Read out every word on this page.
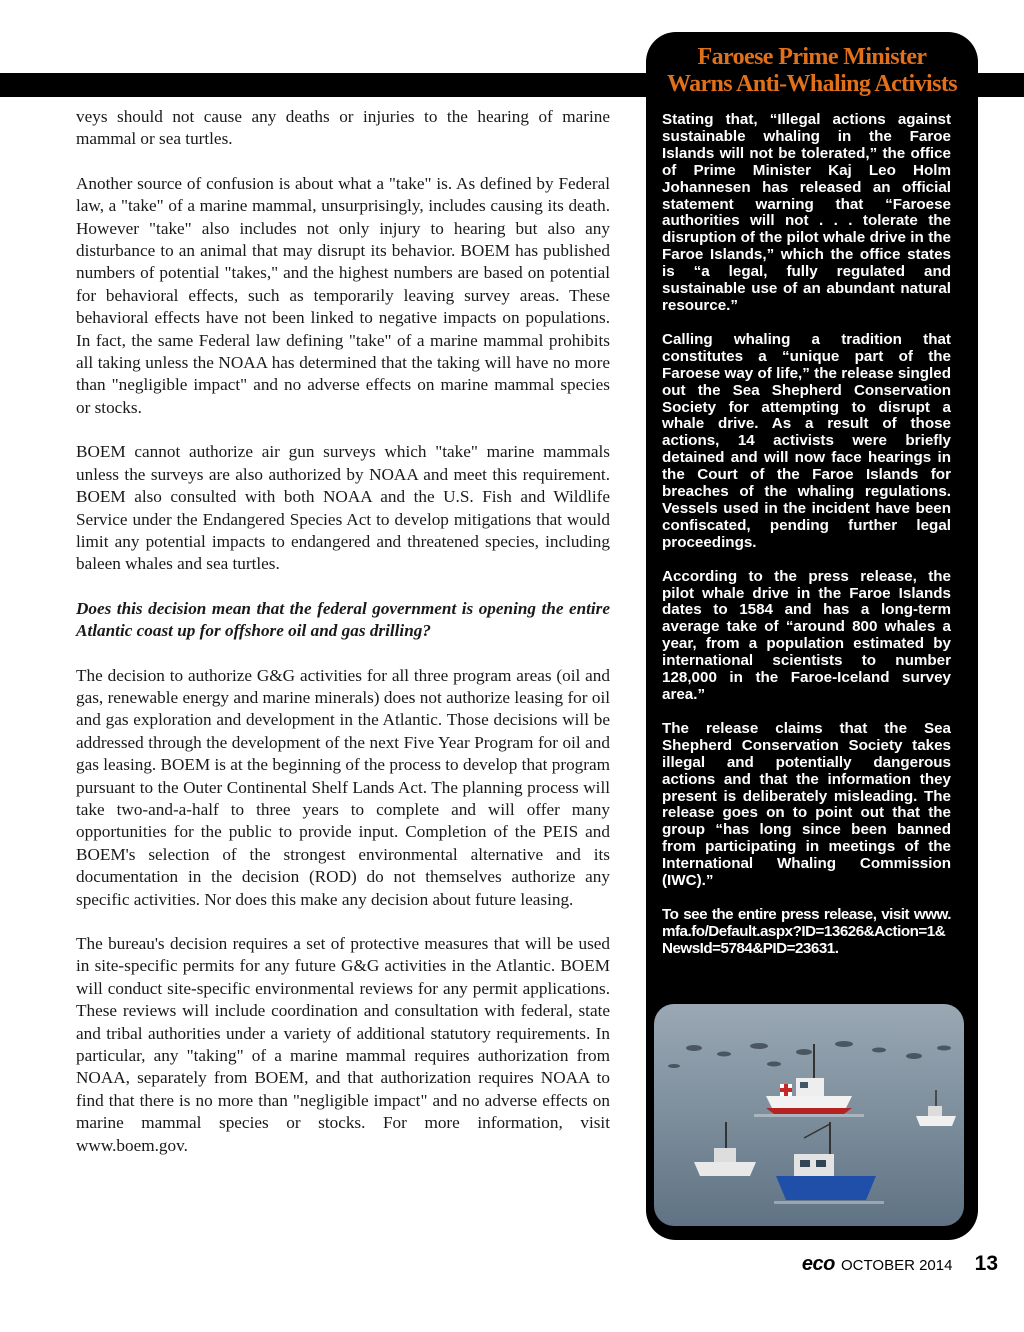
veys should not cause any deaths or injuries to the hearing of marine mammal or sea turtles.

Another source of confusion is about what a "take" is. As defined by Federal law, a "take" of a marine mammal, unsurprisingly, includes causing its death. However "take" also includes not only injury to hearing but also any disturbance to an animal that may disrupt its behavior. BOEM has published numbers of potential "takes," and the highest numbers are based on potential for behavioral effects, such as temporarily leaving survey areas. These behavioral effects have not been linked to negative impacts on populations. In fact, the same Federal law defining "take" of a marine mammal prohibits all taking unless the NOAA has determined that the taking will have no more than "negligible impact" and no adverse effects on marine mammal species or stocks.

BOEM cannot authorize air gun surveys which "take" marine mammals unless the surveys are also authorized by NOAA and meet this requirement. BOEM also consulted with both NOAA and the U.S. Fish and Wildlife Service under the Endangered Species Act to develop mitigations that would limit any potential impacts to endangered and threatened species, including baleen whales and sea turtles.

Does this decision mean that the federal government is opening the entire Atlantic coast up for offshore oil and gas drilling?

The decision to authorize G&G activities for all three program areas (oil and gas, renewable energy and marine minerals) does not authorize leasing for oil and gas exploration and development in the Atlantic. Those decisions will be addressed through the development of the next Five Year Program for oil and gas leasing. BOEM is at the beginning of the process to develop that program pursuant to the Outer Continental Shelf Lands Act. The planning process will take two-and-a-half to three years to complete and will offer many opportunities for the public to provide input. Completion of the PEIS and BOEM's selection of the strongest environmental alternative and its documentation in the decision (ROD) do not themselves authorize any specific activities. Nor does this make any decision about future leasing.

The bureau's decision requires a set of protective measures that will be used in site-specific permits for any future G&G activities in the Atlantic. BOEM will conduct site-specific environmental reviews for any permit applications. These reviews will include coordination and consultation with federal, state and tribal authorities under a variety of additional statutory requirements. In particular, any "taking" of a marine mammal requires authorization from NOAA, separately from BOEM, and that authorization requires NOAA to find that there is no more than "negligible impact" and no adverse effects on marine mammal species or stocks. For more information, visit www.boem.gov.

Faroese Prime Minister
Warns Anti-Whaling Activists

Stating that, “Illegal actions against sustainable whaling in the Faroe Islands will not be tolerated,” the office of Prime Minister Kaj Leo Holm Johannesen has released an official statement warning that “Faroese authorities will not . . . tolerate the disruption of the pilot whale drive in the Faroe Islands,” which the office states is “a legal, fully regulated and sustainable use of an abundant natural resource.”

Calling whaling a tradition that constitutes a “unique part of the Faroese way of life,” the release singled out the Sea Shepherd Conservation Society for attempting to disrupt a whale drive. As a result of those actions, 14 activists were briefly detained and will now face hearings in the Court of the Faroe Islands for breaches of the whaling regulations. Vessels used in the incident have been confiscated, pending further legal proceedings.

According to the press release, the pilot whale drive in the Faroe Islands dates to 1584 and has a long-term average take of “around 800 whales a year, from a population estimated by international scientists to number 128,000 in the Faroe-Iceland survey area.”

The release claims that the Sea Shepherd Conservation Society takes illegal and potentially dangerous actions and that the information they present is deliberately misleading. The release goes on to point out that the group “has long since been banned from participating in meetings of the International Whaling Commission (IWC).”

To see the entire press release, visit www.mfa.fo/Default.aspx?ID=13626&Action=1&NewsId=5784&PID=23631.

eco OCTOBER 2014 13
